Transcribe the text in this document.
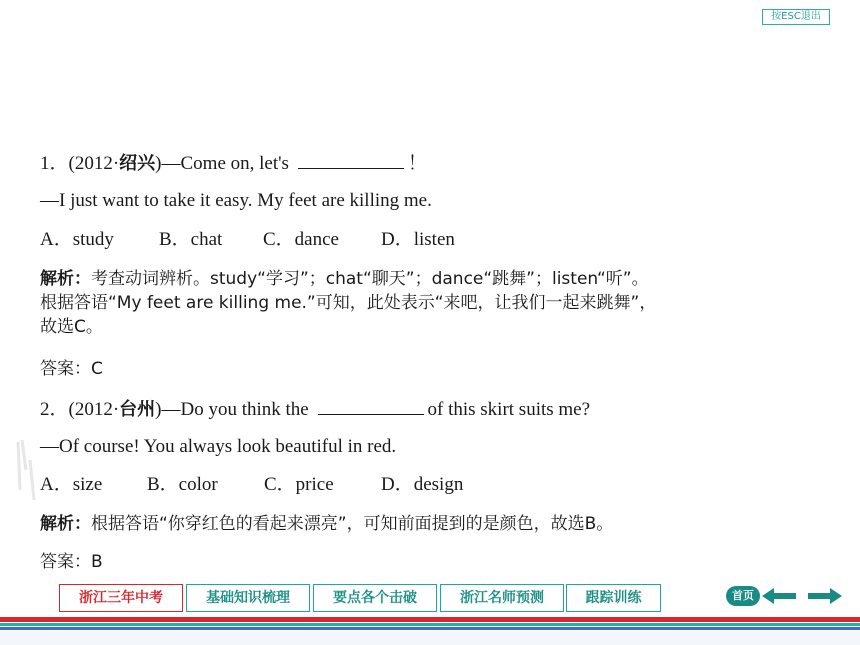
按ESC退出
1．(2012·绍兴)—Come on, let's	！
—I just want to take it easy. My feet are killing me.
A．study B．chat C．dance D．listen
解析：考查动词辨析。study“学习”；chat“聊天”；dance“跳舞”；listen“听”。
根据答语“My feet are killing me.”可知，此处表示“来吧，让我们一起来跳舞”，
故选C。
答案：C
2．(2012·台州)—Do you think the	of this skirt suits me?
—Of course! You always look beautiful in red.
A．size B．color C．price D．design
解析：根据答语“你穿红色的看起来漂亮”，可知前面提到的是颜色，故选B。
答案：B
浙江三年中考	基础知识梳理	要点各个击破	浙江名师预测	跟踪训练	首页
